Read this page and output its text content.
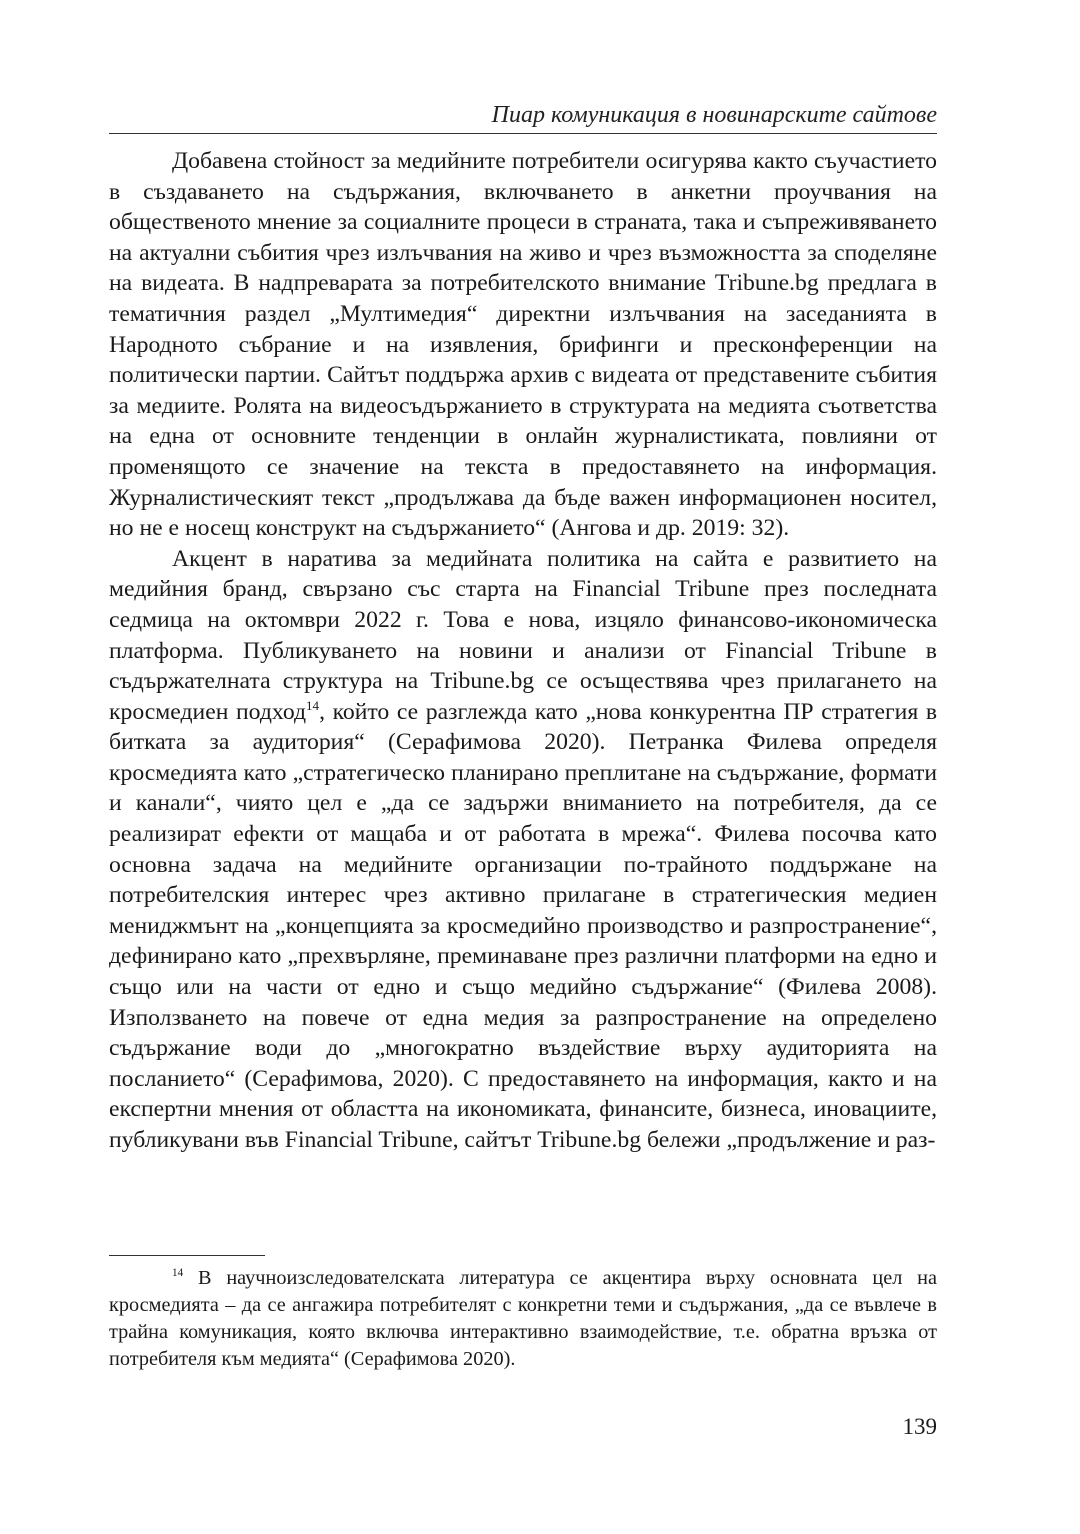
Пиар комуникация в новинарските сайтове

Добавена стойност за медийните потребители осигурява както съучастието в създаването на съдържания, включването в анкетни проучвания на общественото мнение за социалните процеси в страната, така и съпреживяването на актуални събития чрез излъчвания на живо и чрез възможността за споделяне на видеата. В надпреварата за потребителското внимание Tribune.bg предлага в тематичния раздел „Мултимедия“ директни излъчвания на заседанията в Народното събрание и на изявления, брифинги и пресконференции на политически партии. Сайтът поддържа архив с видеата от представените събития за медиите. Ролята на видеосъдържанието в структурата на медията съответства на една от основните тенденции в онлайн журналистиката, повлияни от променящото се значение на текста в предоставянето на информация. Журналистическият текст „продължава да бъде важен информационен носител, но не е носещ конструкт на съдържанието“ (Ангова и др. 2019: 32).

Акцент в наратива за медийната политика на сайта е развитието на медийния бранд, свързано със старта на Financial Tribune през последната седмица на октомври 2022 г. Това е нова, изцяло финансово-икономическа платформа. Публикуването на новини и анализи от Financial Tribune в съдържателната структура на Tribune.bg се осъществява чрез прилагането на кросмедиен подход$^{14}$, който се разглежда като „нова конкурентна ПР стратегия в битката за аудитория“ (Серафимова 2020). Петранка Филева определя кросмедията като „стратегическо планирано преплитане на съдържание, формати и канали“, чиято цел е „да се задържи вниманието на потребителя, да се реализират ефекти от мащаба и от работата в мрежа“. Филева посочва като основна задача на медийните организации по-трайното поддържане на потребителския интерес чрез активно прилагане в стратегическия медиен мениджмънт на „концепцията за кросмедийно производство и разпространение“, дефинирано като „прехвърляне, преминаване през различни платформи на едно и също или на части от едно и също медийно съдържание“ (Филева 2008). Използването на повече от една медия за разпространение на определено съдържание води до „многократно въздействие върху аудиторията на посланието“ (Серафимова, 2020). С предоставянето на информация, както и на експертни мнения от областта на икономиката, финансите, бизнеса, иновациите, публикувани във Financial Tribune, сайтът Tribune.bg бележи „продължение и раз-

$^{14}$ В научноизследователската литература се акцентира върху основната цел на кросмедията – да се ангажира потребителят с конкретни теми и съдържания, „да се въвлече в трайна комуникация, която включва интерактивно взаимодействие, т.е. обратна връзка от потребителя към медията“ (Серафимова 2020).

139
